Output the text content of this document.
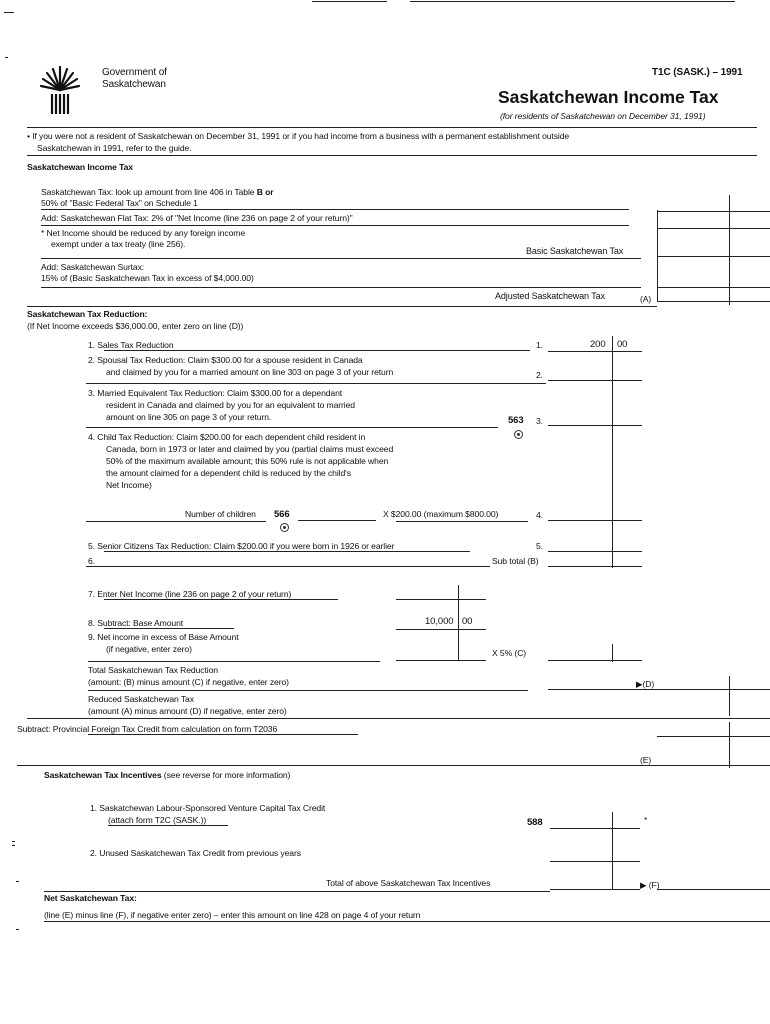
Government of
Saskatchewan
T1C (SASK.) – 1991
Saskatchewan Income Tax
(for residents of Saskatchewan on December 31, 1991)
• If you were not a resident of Saskatchewan on December 31, 1991 or if you had income from a business with a permanent establishment outside
Saskatchewan in 1991, refer to the guide.
Saskatchewan Income Tax
Saskatchewan Tax: look up amount from line 406 in Table B or
50% of "Basic Federal Tax" on Schedule 1
Add: Saskatchewan Flat Tax: 2% of "Net Income (line 236 on page 2 of your return)"
* Net Income should be reduced by any foreign income
exempt under a tax treaty (line 256).
Basic Saskatchewan Tax
Add: Saskatchewan Surtax:
15% of (Basic Saskatchewan Tax in excess of $4,000.00)
Adjusted Saskatchewan Tax	(A)
Saskatchewan Tax Reduction:
(If Net Income exceeds $36,000.00, enter zero on line (D))
1. Sales Tax Reduction	1.	200 00
2. Spousal Tax Reduction: Claim $300.00 for a spouse resident in Canada
and claimed by you for a married amount on line 303 on page 3 of your return	2.
3. Married Equivalent Tax Reduction: Claim $300.00 for a dependant
resident in Canada and claimed by you for an equivalent to married
amount on line 305 on page 3 of your return.	563 3.
4. Child Tax Reduction: Claim $200.00 for each dependent child resident in
Canada, born in 1973 or later and claimed by you (partial claims must exceed
50% of the maximum available amount; this 50% rule is not applicable when
the amount claimed for a dependent child is reduced by the child's
Net Income)
Number of children 566	X $200.00 (maximum $800.00)	4.
5. Senior Citizens Tax Reduction: Claim $200.00 if you were born in 1926 or earlier	5.
6.	Sub total (B)
7. Enter Net Income (line 236 on page 2 of your return)
8. Subtract: Base Amount	10,000 00
9. Net income in excess of Base Amount
(if negative, enter zero)	X 5% (C)
Total Saskatchewan Tax Reduction
(amount: (B) minus amount (C) if negative, enter zero)	▶(D)
Reduced Saskatchewan Tax
(amount (A) minus amount (D) if negative, enter zero)
Subtract: Provincial Foreign Tax Credit from calculation on form T2036
(E)
Saskatchewan Tax Incentives (see reverse for more information)
1. Saskatchewan Labour-Sponsored Venture Capital Tax Credit
(attach form T2C (SASK.))	588	*
2. Unused Saskatchewan Tax Credit from previous years
Total of above Saskatchewan Tax Incentives	▶ (F)
Net Saskatchewan Tax:
(line (E) minus line (F), if negative enter zero) – enter this amount on line 428 on page 4 of your return
